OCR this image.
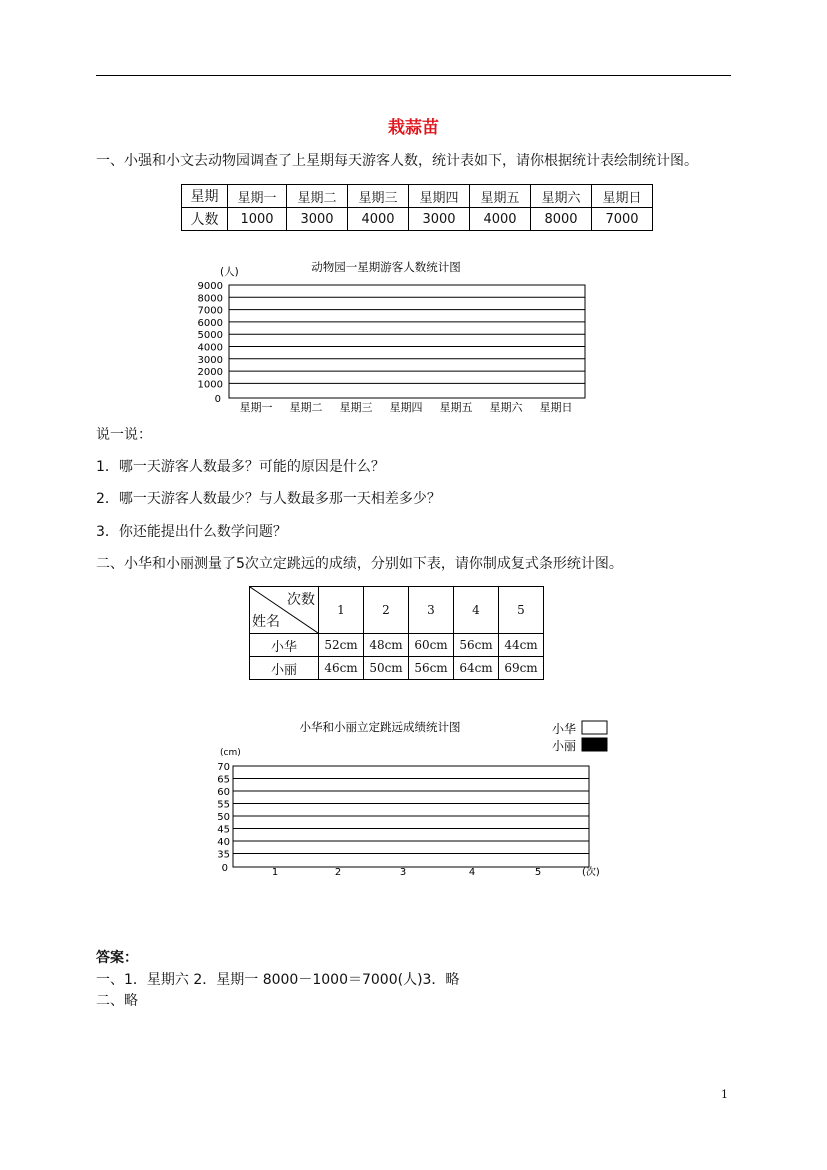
栽蒜苗
一、小强和小文去动物园调查了上星期每天游客人数，统计表如下，请你根据统计表绘制统计图。
星期	星期一	星期二	星期三	星期四	星期五	星期六	星期日
人数	1000	3000	4000	3000	4000	8000	7000
动物园一星期游客人数统计图
(人)
9000
8000
7000
6000
5000
4000
3000
2000
1000
0
星期一 星期二 星期三 星期四 星期五 星期六 星期日
说一说：
1．哪一天游客人数最多？可能的原因是什么？
2．哪一天游客人数最少？与人数最多那一天相差多少？
3．你还能提出什么数学问题？
二、小华和小丽测量了5次立定跳远的成绩，分别如下表，请你制成复式条形统计图。
次数
姓名	1	2	3	4	5
小华	52cm	48cm	60cm	56cm	44cm
小丽	46cm	50cm	56cm	64cm	69cm
小华和小丽立定跳远成绩统计图	小华
小丽
(cm)
70
65
60
55
50
45
40
35
0	1	2	3	4	5	(次)
答案：
一、1．星期六 2．星期一 8000－1000＝7000(人)3．略
二、略
1
